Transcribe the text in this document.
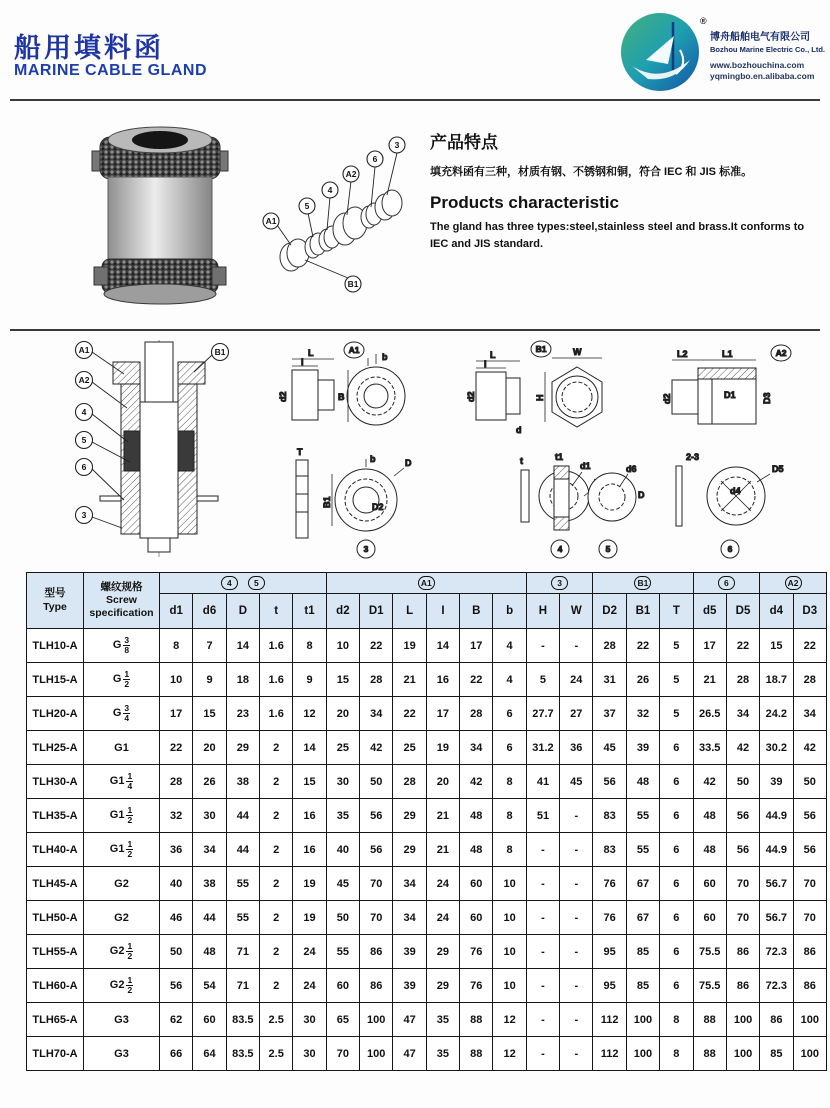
船用填料函
MARINE CABLE GLAND
®
博舟船舶电气有限公司
Bozhou Marine Electric Co., Ltd.
www.bozhouchina.com
yqmingbo.en.alibaba.com
3
6
A2
4
5
A1
B1

产品特点

填充料函有三种，材质有钢、不锈钢和铜，符合 IEC 和 JIS 标准。

Products characteristic

The gland has three types:steel,stainless steel and brass.It conforms to IEC and JIS standard.

A1
A2
4
5
6
3
B1	A1
L
I
d2
b
B
3
T
b	D
B1	D2
4
t	d1
B1
L
I
d2
W
H
d
5
t1
d6
D
A2
L2	L1
d2	D1	D3
6
2-3
d4
D5
型号
Type

螺纹规格
Screw specification
	4	5	A1	3	B1	6	A2
		d1	d6	D	t	t1	d2	D1	L	I	B	b	H	W	D2	B1	T	d5	D5	d4	D3
TLH10-A	G $\frac{3}{8}$	8	7	14	1.6	8	10	22	19	14	17	4	-	-	28	22	5	17	22	15	22
TLH15-A	G $\frac{1}{2}$	10	9	18	1.6	9	15	28	21	16	22	4	5	24	31	26	5	21	28	18.7	28
TLH20-A	G $\frac{3}{4}$	17	15	23	1.6	12	20	34	22	17	28	6	27.7	27	37	32	5	26.5	34	24.2	34
TLH25-A	G1	22	20	29	2	14	25	42	25	19	34	6	31.2	36	45	39	6	33.5	42	30.2	42
TLH30-A	$G1 \frac{1}{4}$	28	26	38	2	15	30	50	28	20	42	8	41	45	56	48	6	42	50	39	50
TLH35-A	$G1 \frac{1}{2}$	32	30	44	2	16	35	56	29	21	48	8	51	-	83	55	6	48	56	44.9	56
TLH40-A	$G1 \frac{1}{2}$	36	34	44	2	16	40	56	29	21	48	8	-	-	83	55	6	48	56	44.9	56
TLH45-A	G2	40	38	55	2	19	45	70	34	24	60	10	-	-	76	67	6	60	70	56.7	70
TLH50-A	G2	46	44	55	2	19	50	70	34	24	60	10	-	-	76	67	6	60	70	56.7	70
TLH55-A	$G2 \frac{1}{2}$	50	48	71	2	24	55	86	39	29	76	10	-	-	95	85	6	75.5	86	72.3	86
TLH60-A	$G2 \frac{1}{2}$	56	54	71	2	24	60	86	39	29	76	10	-	-	95	85	6	75.5	86	72.3	86
TLH65-A	G3	62	60	83.5	2.5	30	65	100	47	35	88	12	-	-	112	100	8	88	100	86	100
TLH70-A	G3	66	64	83.5	2.5	30	70	100	47	35	88	12	-	-	112	100	8	88	100	85	100
